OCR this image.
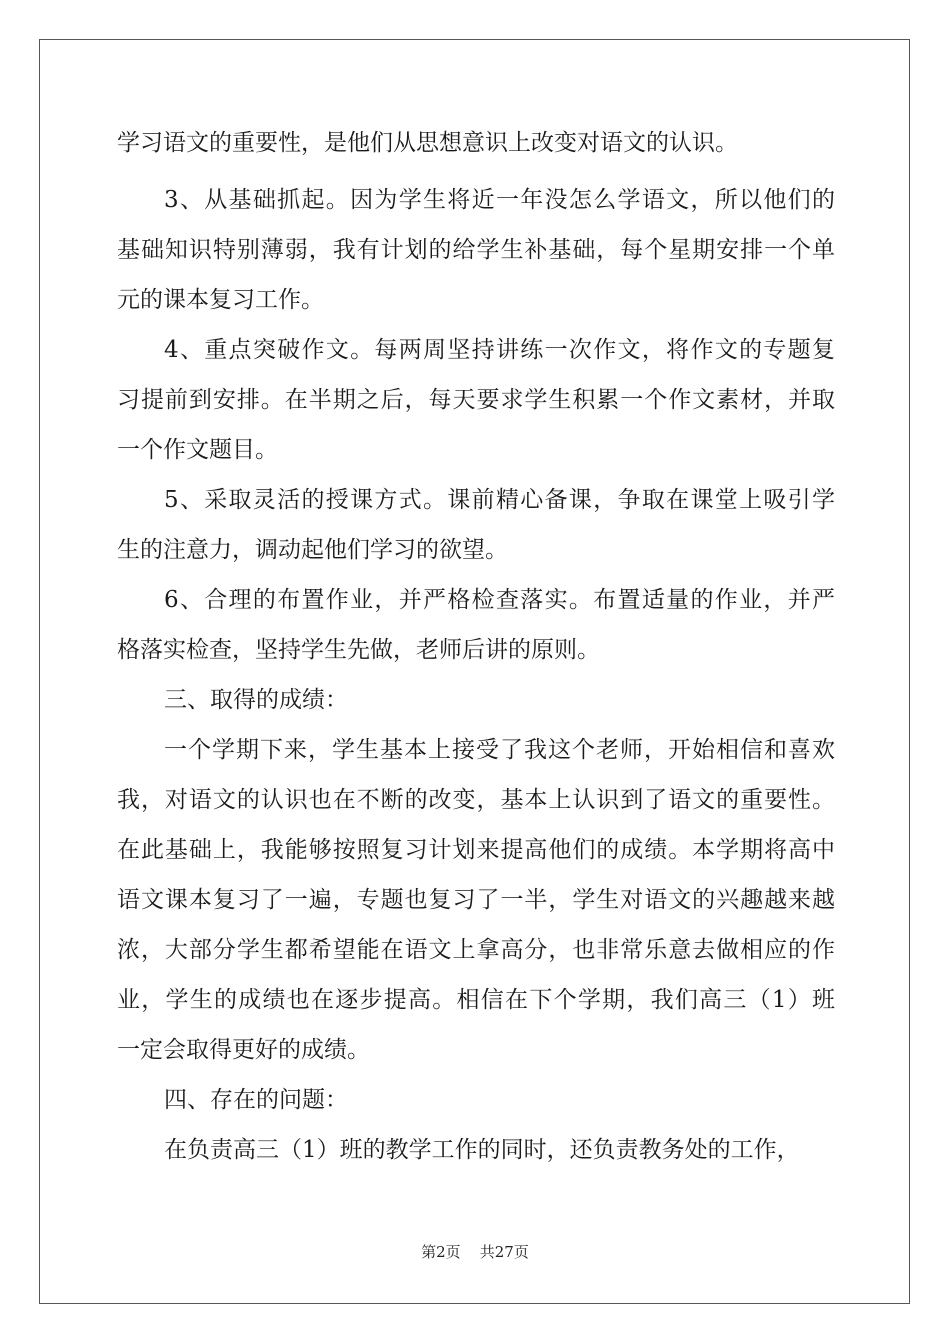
学习语文的重要性，是他们从思想意识上改变对语文的认识。
3、从基础抓起。因为学生将近一年没怎么学语文，所以他们的
基础知识特别薄弱，我有计划的给学生补基础，每个星期安排一个单
元的课本复习工作。
4、重点突破作文。每两周坚持讲练一次作文，将作文的专题复
习提前到安排。在半期之后，每天要求学生积累一个作文素材，并取
一个作文题目。
5、采取灵活的授课方式。课前精心备课，争取在课堂上吸引学
生的注意力，调动起他们学习的欲望。
6、合理的布置作业，并严格检查落实。布置适量的作业，并严
格落实检查，坚持学生先做，老师后讲的原则。
三、取得的成绩：
一个学期下来，学生基本上接受了我这个老师，开始相信和喜欢
我，对语文的认识也在不断的改变，基本上认识到了语文的重要性。
在此基础上，我能够按照复习计划来提高他们的成绩。本学期将高中
语文课本复习了一遍，专题也复习了一半，学生对语文的兴趣越来越
浓，大部分学生都希望能在语文上拿高分，也非常乐意去做相应的作
业，学生的成绩也在逐步提高。相信在下个学期，我们高三（1）班
一定会取得更好的成绩。
四、存在的问题：
在负责高三（1）班的教学工作的同时，还负责教务处的工作，
第2页 共27页
